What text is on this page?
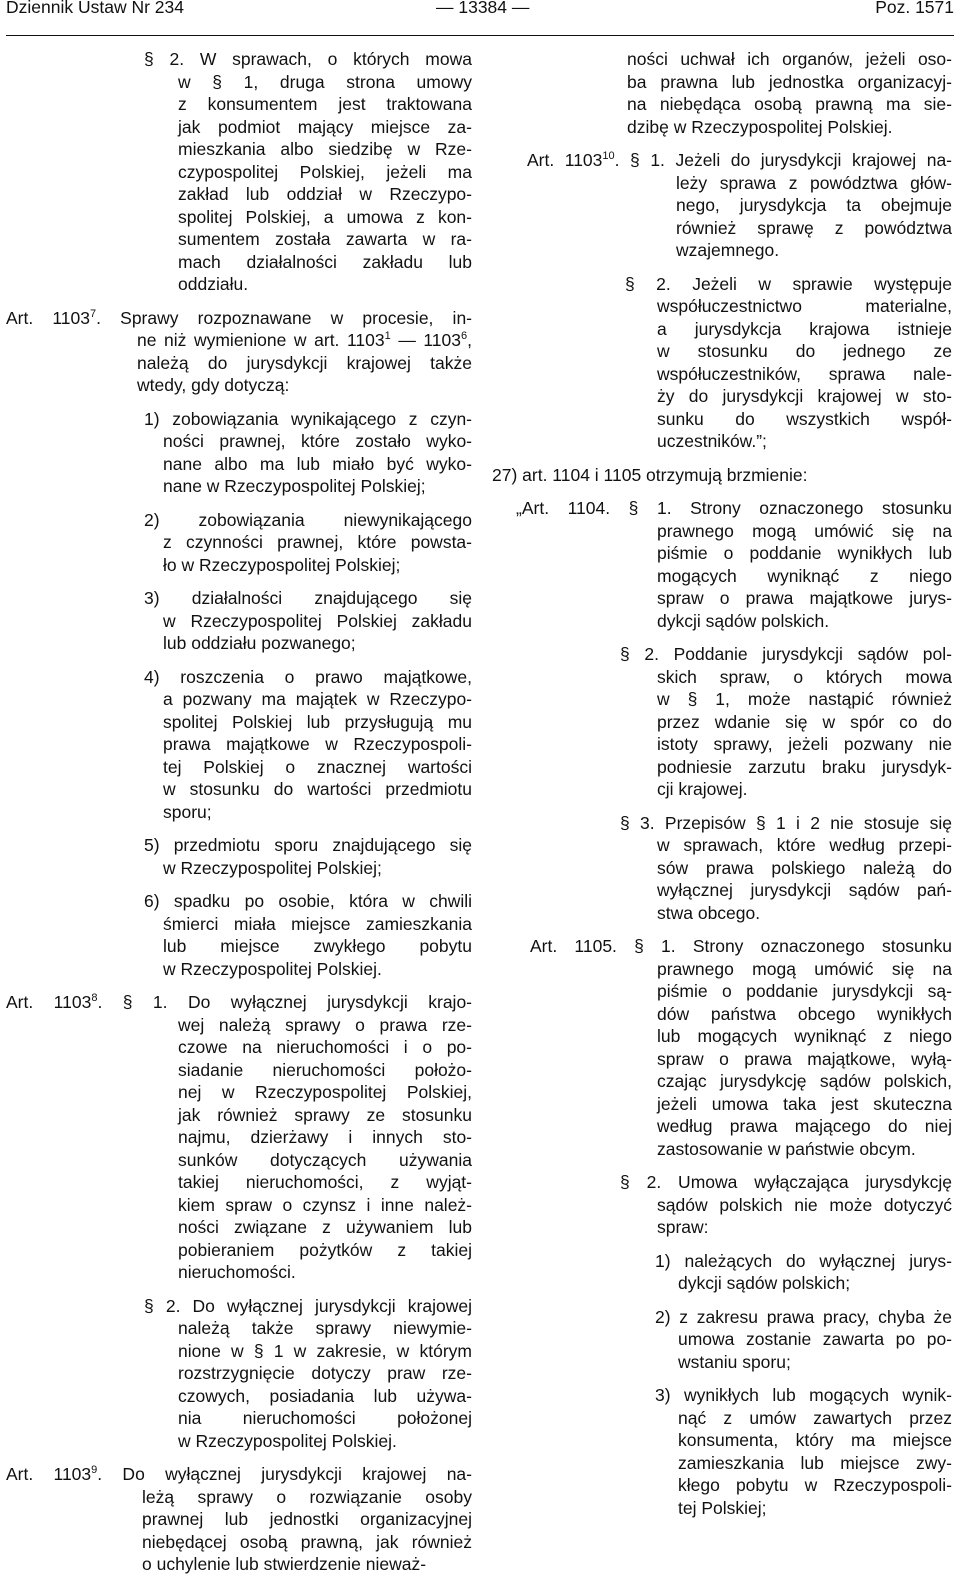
Dziennik Ustaw Nr 234	— 13384 —	Poz. 1571

§ 2. W sprawach, o których mowa
w § 1, druga strona umowy
z konsumentem jest traktowana
jak podmiot mający miejsce za-
mieszkania albo siedzibę w Rze-
czypospolitej Polskiej, jeżeli ma
zakład lub oddział w Rzeczypo-
spolitej Polskiej, a umowa z kon-
sumentem została zawarta w ra-
mach działalności zakładu lub
oddziału.

Art. 1103$^7$. Sprawy rozpoznawane w procesie, in-
ne niż wymienione w art. 1103$^1$ — 1103$^6$,
należą do jurysdykcji krajowej także
wtedy, gdy dotyczą:

1) zobowiązania wynikającego z czyn-
ności prawnej, które zostało wyko-
nane albo ma lub miało być wyko-
nane w Rzeczypospolitej Polskiej;

2) zobowiązania niewynikającego
z czynności prawnej, które powsta-
ło w Rzeczypospolitej Polskiej;

3) działalności znajdującego się
w Rzeczypospolitej Polskiej zakładu
lub oddziału pozwanego;

4) roszczenia o prawo majątkowe,
a pozwany ma majątek w Rzeczypo-
spolitej Polskiej lub przysługują mu
prawa majątkowe w Rzeczypospoli-
tej Polskiej o znacznej wartości
w stosunku do wartości przedmiotu
sporu;

5) przedmiotu sporu znajdującego się
w Rzeczypospolitej Polskiej;

6) spadku po osobie, która w chwili
śmierci miała miejsce zamieszkania
lub miejsce zwykłego pobytu
w Rzeczypospolitej Polskiej.

Art. 1103$^8$. § 1. Do wyłącznej jurysdykcji krajo-
wej należą sprawy o prawa rze-
czowe na nieruchomości i o po-
siadanie nieruchomości położo-
nej w Rzeczypospolitej Polskiej,
jak również sprawy ze stosunku
najmu, dzierżawy i innych sto-
sunków dotyczących używania
takiej nieruchomości, z wyjąt-
kiem spraw o czynsz i inne należ-
ności związane z używaniem lub
pobieraniem pożytków z takiej
nieruchomości.

§ 2. Do wyłącznej jurysdykcji krajowej
należą także sprawy niewymie-
nione w § 1 w zakresie, w którym
rozstrzygnięcie dotyczy praw rze-
czowych, posiadania lub używa-
nia nieruchomości położonej
w Rzeczypospolitej Polskiej.

Art. 1103$^9$. Do wyłącznej jurysdykcji krajowej na-
leżą sprawy o rozwiązanie osoby
prawnej lub jednostki organizacyjnej
niebędącej osobą prawną, jak również
o uchylenie lub stwierdzenie nieważ-

ności uchwał ich organów, jeżeli oso-
ba prawna lub jednostka organizacyj-
na niebędąca osobą prawną ma sie-
dzibę w Rzeczypospolitej Polskiej.

Art. 1103$^{10}$. § 1. Jeżeli do jurysdykcji krajowej na-
leży sprawa z powództwa głów-
nego, jurysdykcja ta obejmuje
również sprawę z powództwa
wzajemnego.

§ 2. Jeżeli w sprawie występuje
współuczestnictwo materialne,
a jurysdykcja krajowa istnieje
w stosunku do jednego ze
współuczestników, sprawa nale-
ży do jurysdykcji krajowej w sto-
sunku do wszystkich współ-
uczestników.”;

27) art. 1104 i 1105 otrzymują brzmienie:

„Art. 1104. § 1. Strony oznaczonego stosunku
prawnego mogą umówić się na
piśmie o poddanie wynikłych lub
mogących wyniknąć z niego
spraw o prawa majątkowe jurys-
dykcji sądów polskich.

§ 2. Poddanie jurysdykcji sądów pol-
skich spraw, o których mowa
w § 1, może nastąpić również
przez wdanie się w spór co do
istoty sprawy, jeżeli pozwany nie
podniesie zarzutu braku jurysdyk-
cji krajowej.

§ 3. Przepisów § 1 i 2 nie stosuje się
w sprawach, które według przepi-
sów prawa polskiego należą do
wyłącznej jurysdykcji sądów pań-
stwa obcego.

Art. 1105. § 1. Strony oznaczonego stosunku
prawnego mogą umówić się na
piśmie o poddanie jurysdykcji są-
dów państwa obcego wynikłych
lub mogących wyniknąć z niego
spraw o prawa majątkowe, wyłą-
czając jurysdykcję sądów polskich,
jeżeli umowa taka jest skuteczna
według prawa mającego do niej
zastosowanie w państwie obcym.

§ 2. Umowa wyłączająca jurysdykcję
sądów polskich nie może dotyczyć
spraw:

1) należących do wyłącznej jurys-
dykcji sądów polskich;

2) z zakresu prawa pracy, chyba że
umowa zostanie zawarta po po-
wstaniu sporu;

3) wynikłych lub mogących wynik-
nąć z umów zawartych przez
konsumenta, który ma miejsce
zamieszkania lub miejsce zwy-
kłego pobytu w Rzeczypospoli-
tej Polskiej;
